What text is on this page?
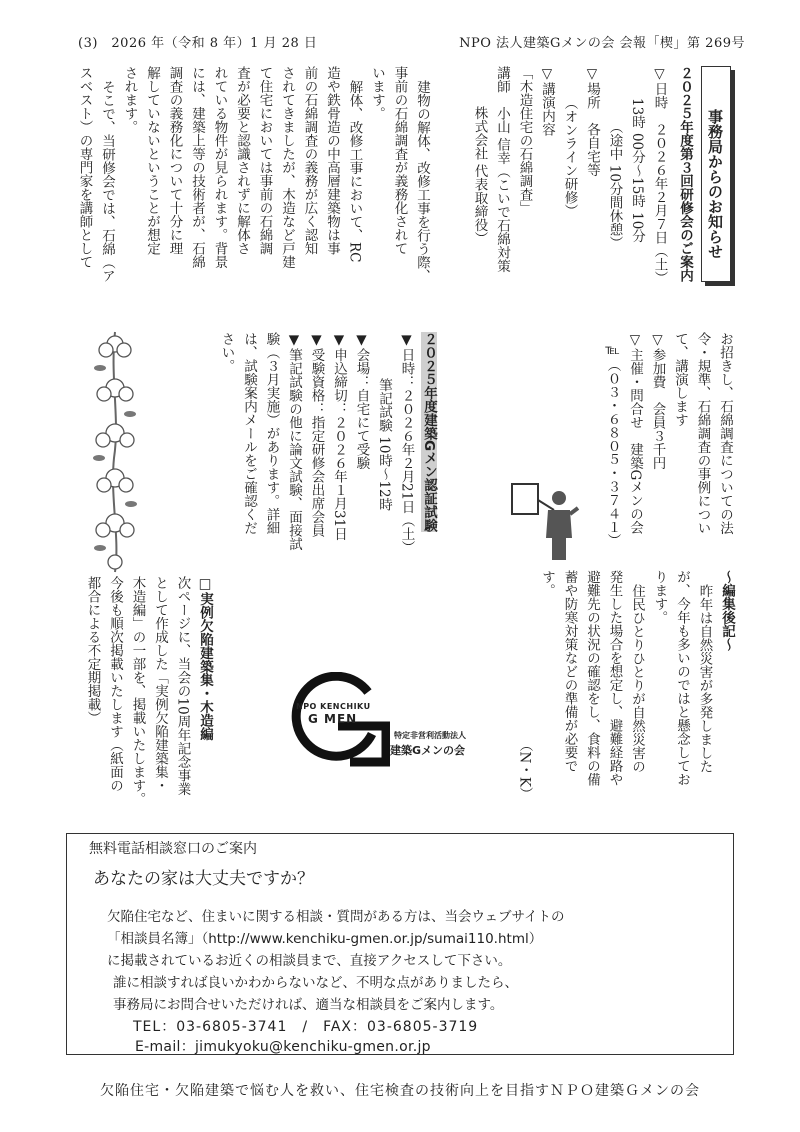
(3)　2026 年（令和 8 年）1 月 28 日	NPO 法人建築Gメンの会 会報「楔」第 269号
事務局からのお知らせ
２０２５年度第３回研修会のご案内
▽日時　２０２６年２月７日（土）
13時 00分〜15時 10分
（途中 10分間休憩）
▽場所　各自宅等
（オンライン研修）
▽講演内容
「木造住宅の石綿調査」
講師　小山 信幸（こいで石綿対策
株式会社 代表取締役）
建物の解体、改修工事を行う際、
事前の石綿調査が義務化されて
います。
解体、改修工事において、RC
造や鉄骨造の中高層建築物は事
前の石綿調査の義務が広く認知
されてきましたが、木造など戸建
て住宅においては事前の石綿調
査が必要と認識されずに解体さ
れている物件が見られます。背景
には、建築上等の技術者が、石綿
調査の義務化について十分に理
解していないということが想定
されます。
そこで、当研修会では、石綿（ア
スベスト）の専門家を講師として
お招きし、石綿調査についての法
令・規準、石綿調査の事例につい
て、講演します
▽参加費　会員３千円
▽主催・問合せ　建築Gメンの会
℡（０３・６８０５・３７４１）
２０２５年度建築Gメン認証試験
▼日時：２０２６年２月21日（土）
筆記試験 10時〜12時
▼会場：自宅にて受験
▼申込締切：２０２６年１月31日
▼受験資格：指定研修会出席会員
▼筆記試験の他に論文試験、面接試
験（３月実施）があります。詳細
は、試験案内メールをご確認くだ
さい。
〜編集後記〜
昨年は自然災害が多発しました
が、今年も多いのではと懸念してお
ります。
住民ひとりひとりが自然災害の
発生した場合を想定し、避難経路や
避難先の状況の確認をし、食料の備
蓄や防寒対策などの準備が必要で
す。
（N・K）
NPO KENCHIKU
G MEN
特定非営利活動法人
建築Gメンの会
□実例欠陥建築集・木造編
次ページに、当会の10周年記念事業
として作成した「実例欠陥建築集・
木造編」の一部を、掲載いたします。
今後も順次掲載いたします（紙面の
都合による不定期掲載）
無料電話相談窓口のご案内
あなたの家は大丈夫ですか？
欠陥住宅など、住まいに関する相談・質問がある方は、当会ウェブサイトの
「相談員名簿」（http://www.kenchiku-gmen.or.jp/sumai110.html）
に掲載されているお近くの相談員まで、直接アクセスして下さい。
誰に相談すれば良いかわからないなど、不明な点がありましたら、
事務局にお問合せいただければ、適当な相談員をご案内します。
TEL：03-6805-3741　/　FAX：03-6805-3719
E-mail：jimukyoku@kenchiku-gmen.or.jp
欠陥住宅・欠陥建築で悩む人を救い、住宅検査の技術向上を目指すＮＰＯ建築Ｇメンの会
